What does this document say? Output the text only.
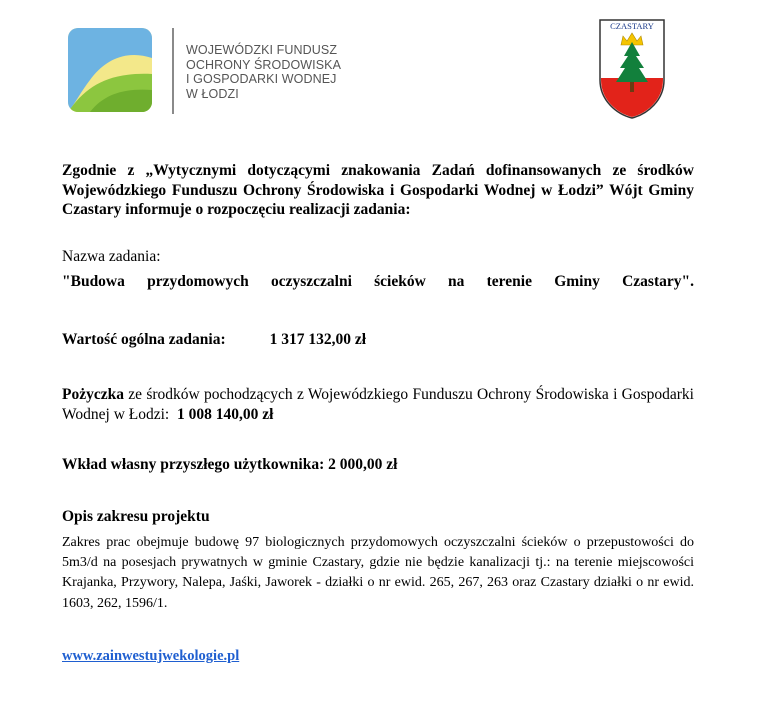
WOJEWÓDZKI FUNDUSZ
OCHRONY ŚRODOWISKA
I GOSPODARKI WODNEJ
W ŁODZI
CZASTARY
Zgodnie z „Wytycznymi dotyczącymi znakowania Zadań dofinansowanych ze środków Wojewódzkiego Funduszu Ochrony Środowiska i Gospodarki Wodnej w Łodzi” Wójt Gminy Czastary informuje o rozpoczęciu realizacji zadania:
Nazwa zadania:
"Budowa przydomowych oczyszczalni ścieków na terenie Gminy Czastary".
Wartość ogólna zadania:	1 317 132,00 zł
Pożyczka ze środków pochodzących z Wojewódzkiego Funduszu Ochrony Środowiska i Gospodarki Wodnej w Łodzi:  1 008 140,00 zł
Wkład własny przyszłego użytkownika: 2 000,00 zł
Opis zakresu projektu
Zakres prac obejmuje budowę 97 biologicznych przydomowych oczyszczalni ścieków o przepustowości do 5m3/d na posesjach prywatnych w gminie Czastary, gdzie nie będzie kanalizacji tj.: na terenie miejscowości Krajanka, Przywory, Nalepa, Jaśki, Jaworek - działki o nr ewid. 265, 267, 263 oraz Czastary działki o nr ewid. 1603, 262, 1596/1.
www.zainwestujwekologie.pl
